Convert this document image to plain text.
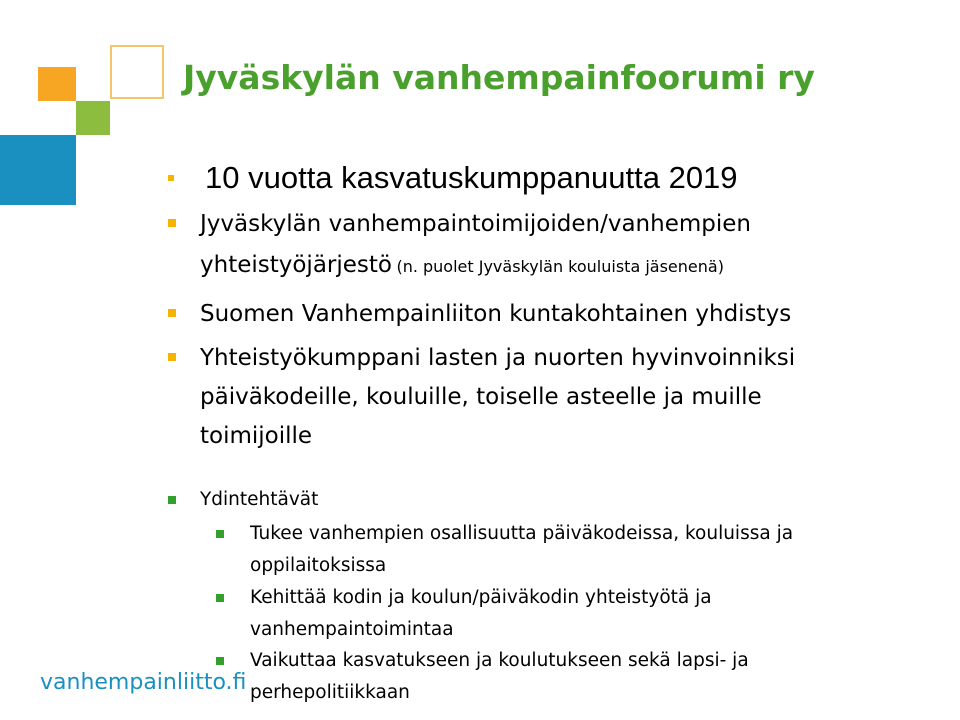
Jyväskylän vanhempainfoorumi ry
10 vuotta kasvatuskumppanuutta 2019
Jyväskylän vanhempaintoimijoiden/vanhempien
yhteistyöjärjestö (n. puolet Jyväskylän kouluista jäsenenä)
Suomen Vanhempainliiton kuntakohtainen yhdistys
Yhteistyökumppani lasten ja nuorten hyvinvoinniksi
päiväkodeille, kouluille, toiselle asteelle ja muille
toimijoille
Ydintehtävät
Tukee vanhempien osallisuutta päiväkodeissa, kouluissa ja
oppilaitoksissa
Kehittää kodin ja koulun/päiväkodin yhteistyötä ja
vanhempaintoimintaa
Vaikuttaa kasvatukseen ja koulutukseen sekä lapsi- ja
perhepolitiikkaan
vanhempainliitto.fi
